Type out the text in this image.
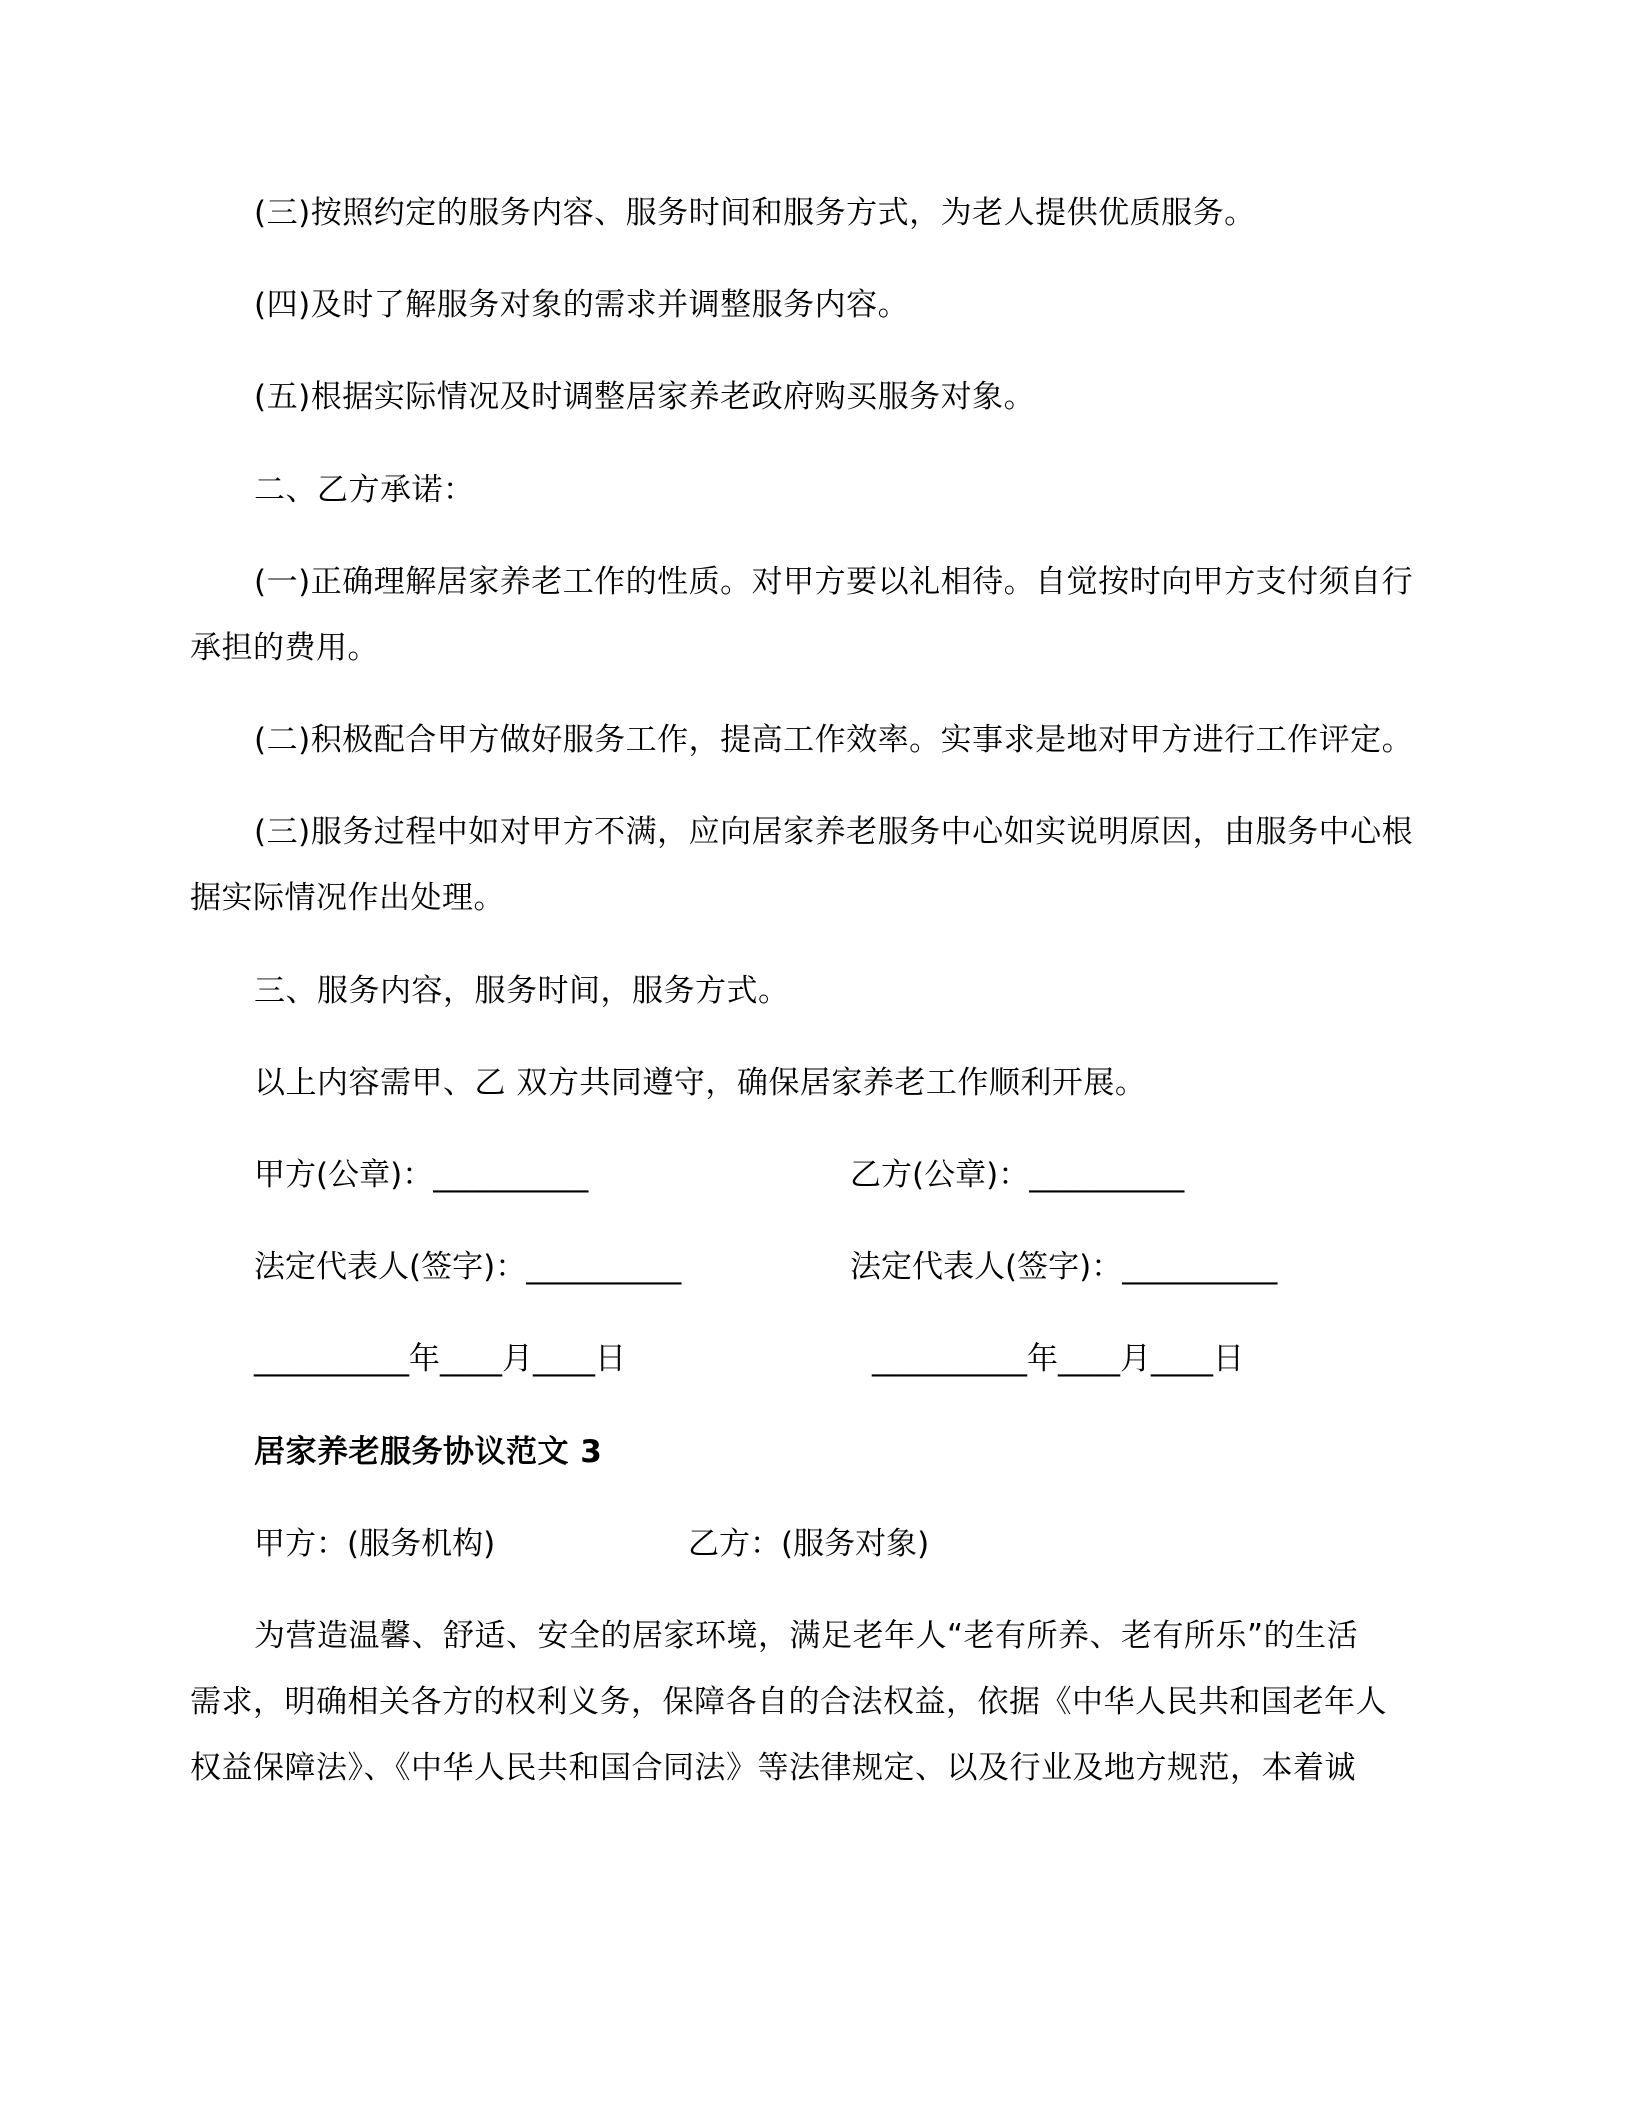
(三)按照约定的服务内容、服务时间和服务方式，为老人提供优质服务。
(四)及时了解服务对象的需求并调整服务内容。
(五)根据实际情况及时调整居家养老政府购买服务对象。
二、乙方承诺：
(一)正确理解居家养老工作的性质。对甲方要以礼相待。自觉按时向甲方支付须自行
承担的费用。
(二)积极配合甲方做好服务工作，提高工作效率。实事求是地对甲方进行工作评定。
(三)服务过程中如对甲方不满，应向居家养老服务中心如实说明原因，由服务中心根
据实际情况作出处理。
三、服务内容，服务时间，服务方式。
以上内容需甲、乙 双方共同遵守，确保居家养老工作顺利开展。
甲方(公章)：__________	乙方(公章)：__________
法定代表人(签字)：__________	法定代表人(签字)：__________
__________年____月____日	__________年____月____日
居家养老服务协议范文 3
甲方：(服务机构)	乙方：(服务对象)
为营造温馨、舒适、安全的居家环境，满足老年人“老有所养、老有所乐”的生活
需求，明确相关各方的权利义务，保障各自的合法权益，依据《中华人民共和国老年人
权益保障法》、《中华人民共和国合同法》等法律规定、以及行业及地方规范，本着诚
